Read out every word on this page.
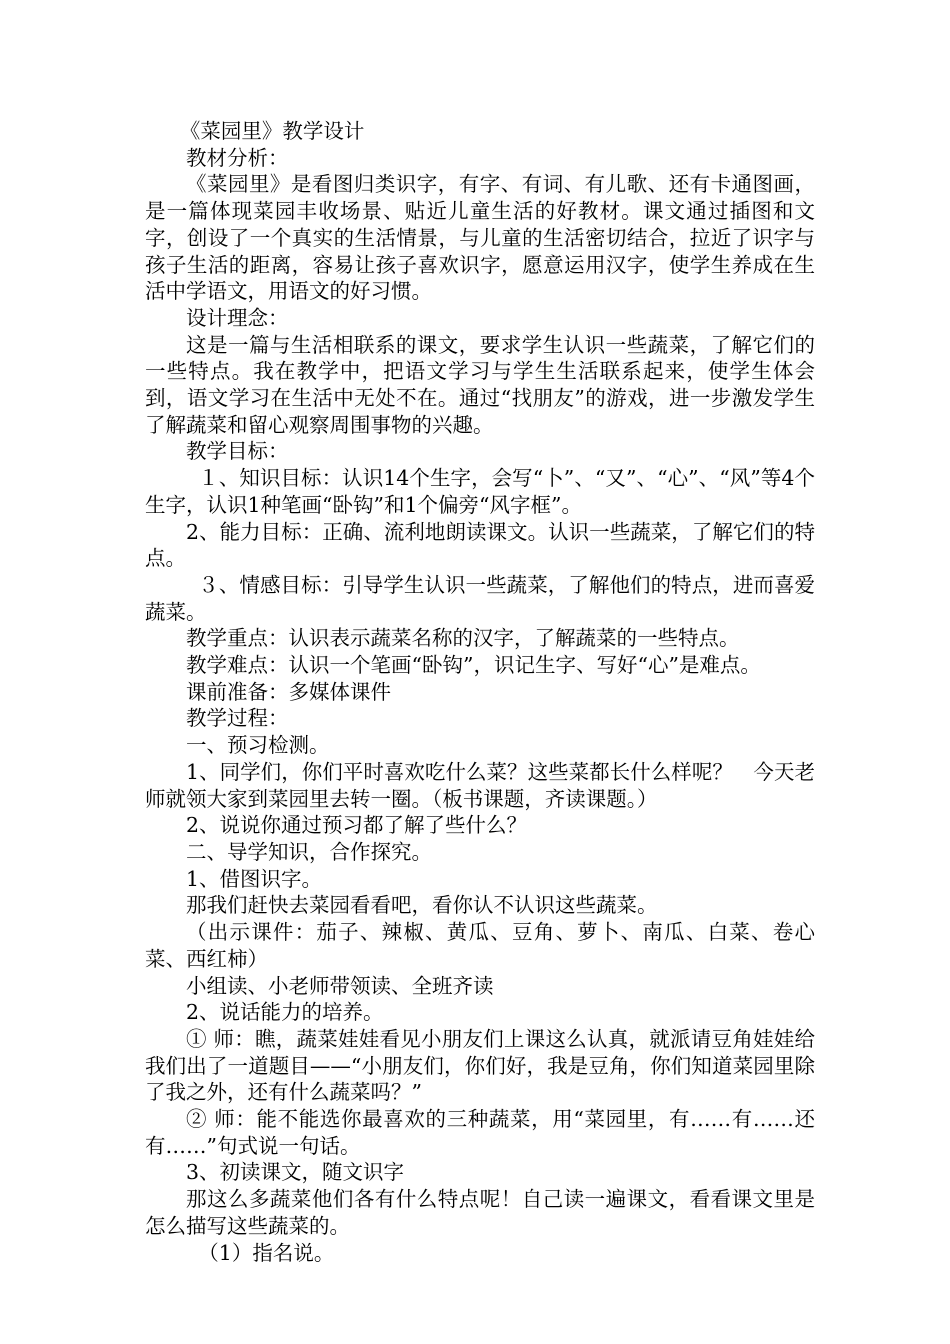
《菜园里》教学设计

教材分析：

《菜园里》是看图归类识字，有字、有词、有儿歌、还有卡通图画，是一篇体现菜园丰收场景、贴近儿童生活的好教材。课文通过插图和文字，创设了一个真实的生活情景，与儿童的生活密切结合，拉近了识字与孩子生活的距离，容易让孩子喜欢识字，愿意运用汉字，使学生养成在生活中学语文，用语文的好习惯。

设计理念：

这是一篇与生活相联系的课文，要求学生认识一些蔬菜，了解它们的一些特点。我在教学中，把语文学习与学生生活联系起来，使学生体会到，语文学习在生活中无处不在。通过“找朋友”的游戏，进一步激发学生了解蔬菜和留心观察周围事物的兴趣。

教学目标：

１、知识目标：认识14个生字，会写“卜”、“又”、“心”、“风”等4个生字，认识1种笔画“卧钩”和1个偏旁“风字框”。

2、能力目标：正确、流利地朗读课文。认识一些蔬菜，了解它们的特点。

３、情感目标：引导学生认识一些蔬菜，了解他们的特点，进而喜爱蔬菜。

教学重点：认识表示蔬菜名称的汉字，了解蔬菜的一些特点。

教学难点：认识一个笔画“卧钩”，识记生字、写好“心”是难点。

课前准备：多媒体课件

教学过程：

一、预习检测。

1、同学们，你们平时喜欢吃什么菜？这些菜都长什么样呢？　今天老师就领大家到菜园里去转一圈。（板书课题，齐读课题。）

2、说说你通过预习都了解了些什么？

二、导学知识，合作探究。

1、借图识字。

那我们赶快去菜园看看吧，看你认不认识这些蔬菜。

（出示课件：茄子、辣椒、黄瓜、豆角、萝卜、南瓜、白菜、卷心菜、西红柿）

小组读、小老师带领读、全班齐读

2、说话能力的培养。

① 师：瞧，蔬菜娃娃看见小朋友们上课这么认真，就派请豆角娃娃给我们出了一道题目——“小朋友们，你们好，我是豆角，你们知道菜园里除了我之外，还有什么蔬菜吗？”

② 师：能不能选你最喜欢的三种蔬菜，用“菜园里，有……有……还有……”句式说一句话。

3、初读课文，随文识字

那这么多蔬菜他们各有什么特点呢！自己读一遍课文，看看课文里是怎么描写这些蔬菜的。

（1）指名说。
